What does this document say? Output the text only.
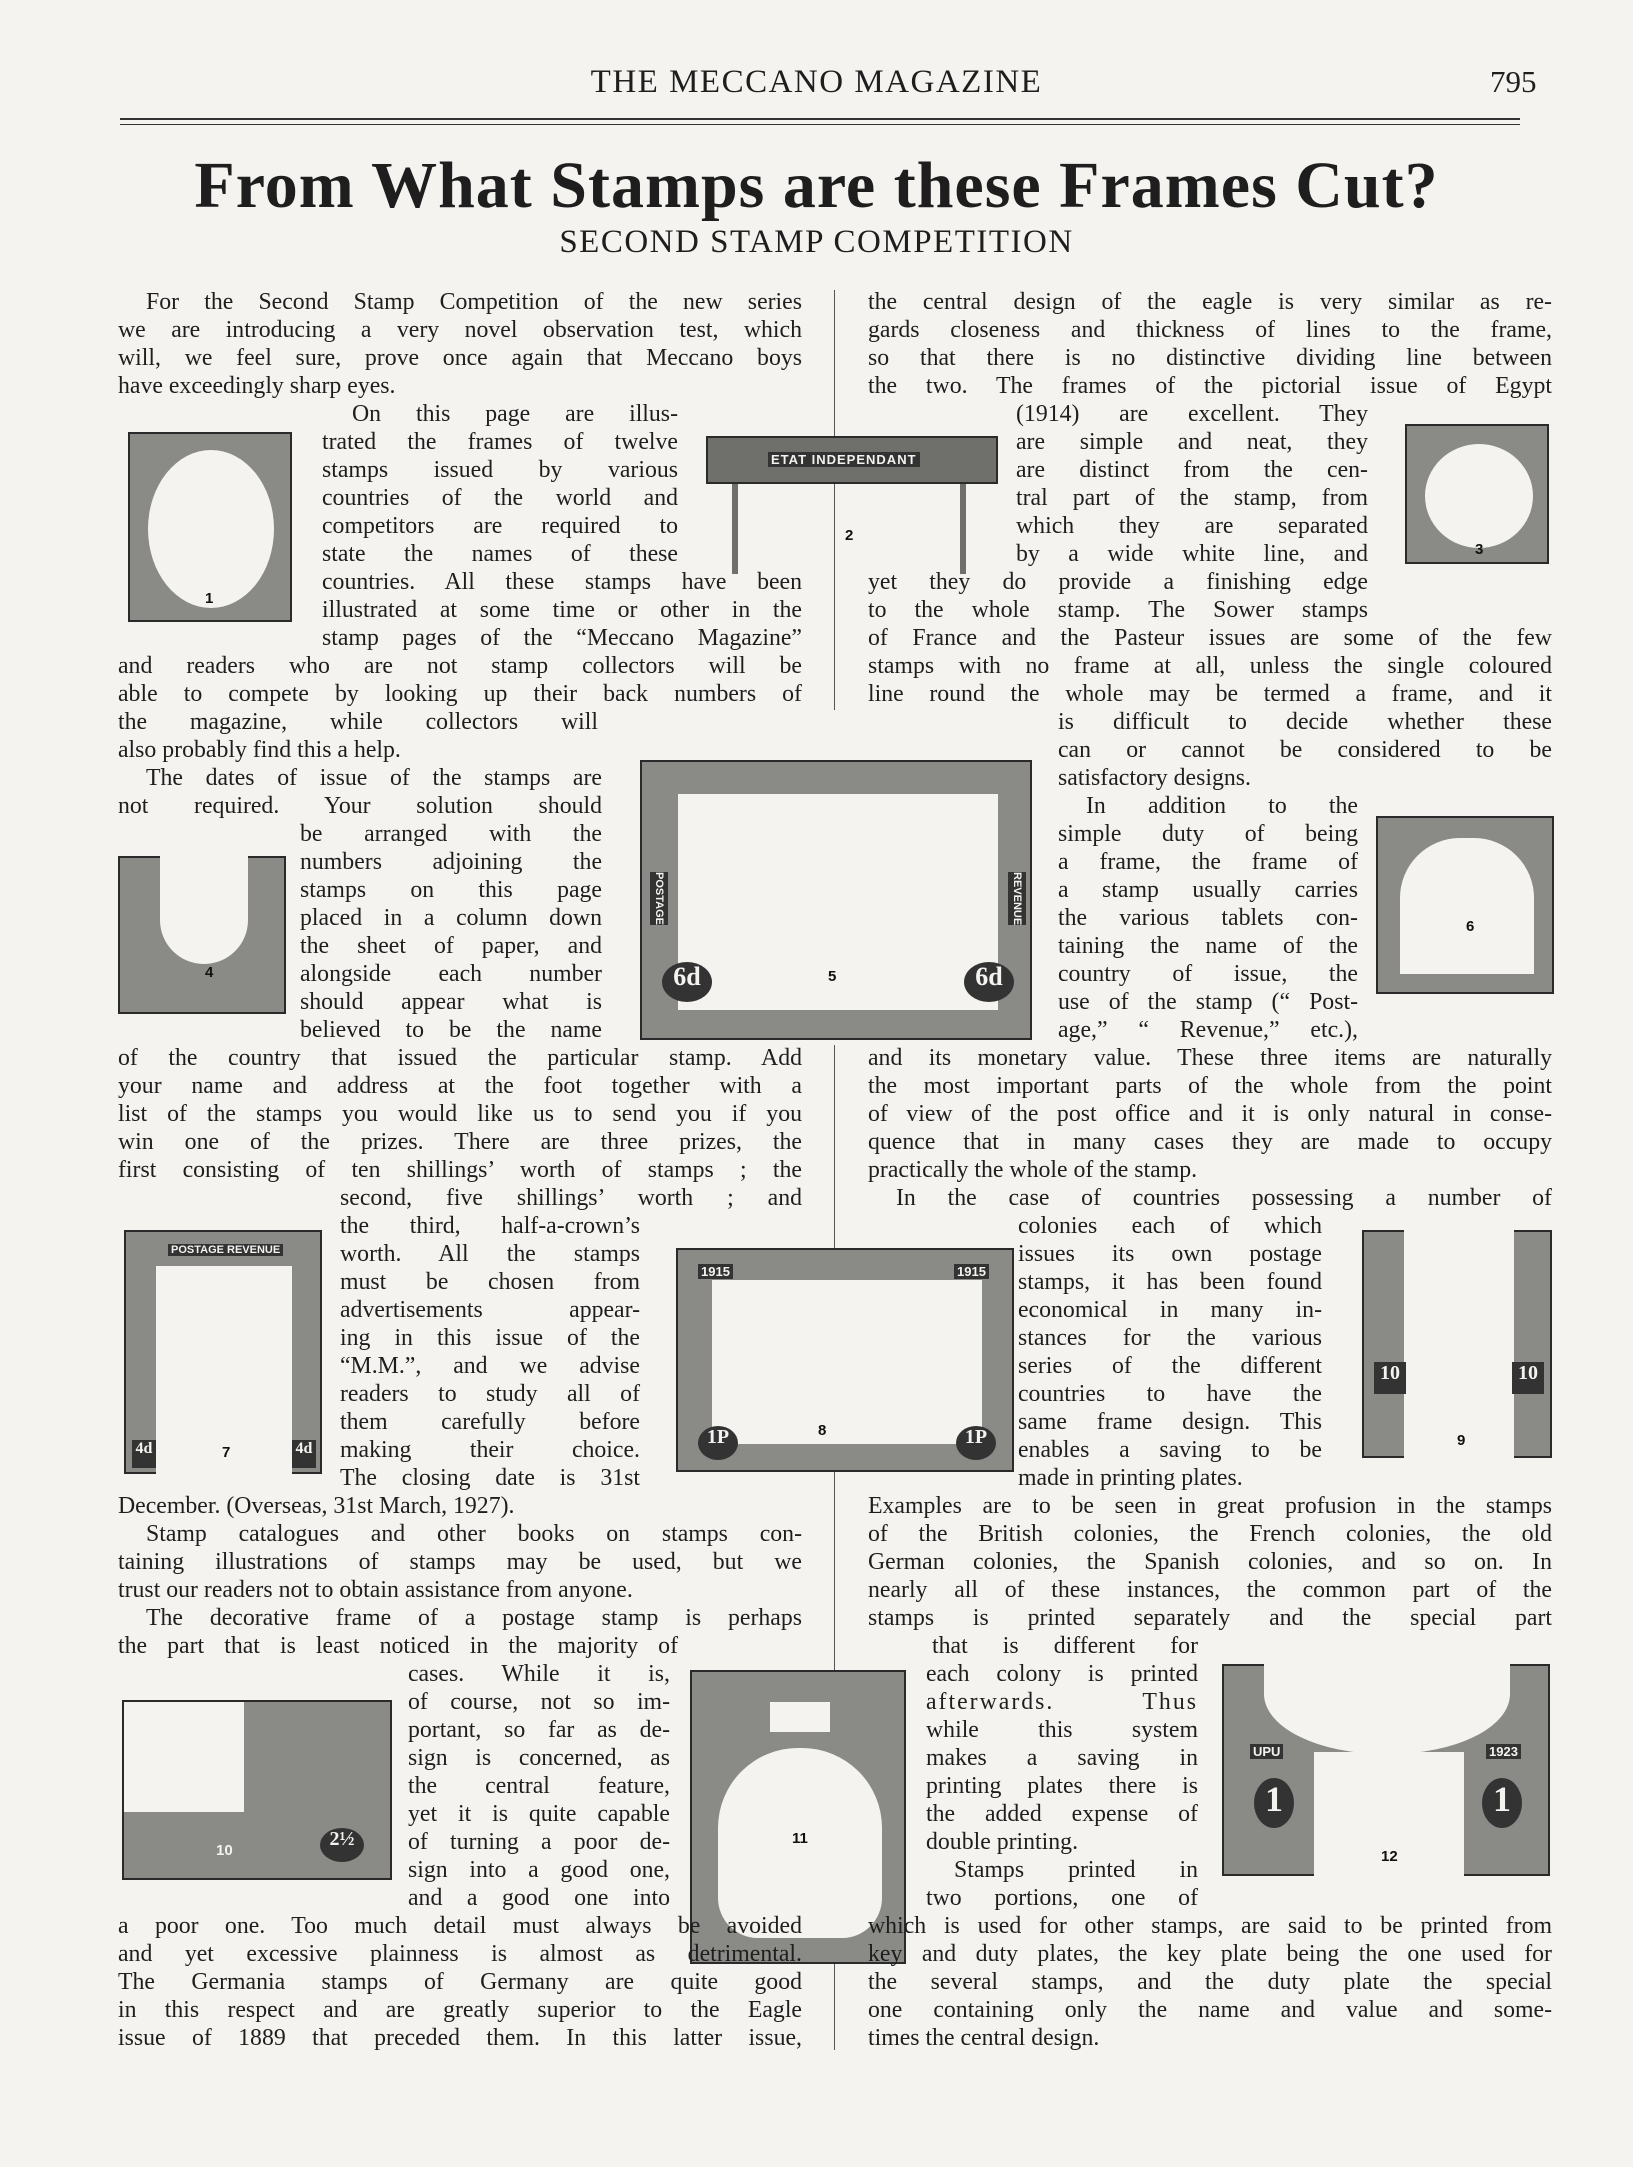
THE MECCANO MAGAZINE	795
From What Stamps are these Frames Cut?
SECOND STAMP COMPETITION
1
ETAT INDEPENDANT
2
3
4
POSTAGE	REVENUE
6d	6d
5
6
POSTAGE REVENUE
4d	4d
7
1915	1915
1P	1P
8
10	10
9
2½
10
11
UPU	1923
1	1
12

For the Second Stamp Competition of the new series

we are introducing a very novel observation test, which

will, we feel sure, prove once again that Meccano boys

have exceedingly sharp eyes.

On this page are illus-

trated the frames of twelve

stamps issued by various

countries of the world and

competitors are required to

state the names of these

countries. All these stamps have been

illustrated at some time or other in the

stamp pages of the “Meccano Magazine”

and readers who are not stamp collectors will be

able to compete by looking up their back numbers of

the magazine, while collectors will

also probably find this a help.

The dates of issue of the stamps are

not required. Your solution should

be arranged with the

numbers adjoining the

stamps on this page

placed in a column down

the sheet of paper, and

alongside each number

should appear what is

believed to be the name

of the country that issued the particular stamp. Add

your name and address at the foot together with a

list of the stamps you would like us to send you if you

win one of the prizes. There are three prizes, the

first consisting of ten shillings’ worth of stamps ; the

second, five shillings’ worth ; and

the third, half-a-crown’s

worth. All the stamps

must be chosen from

advertisements appear-

ing in this issue of the

“M.M.”, and we advise

readers to study all of

them carefully before

making their choice.

The closing date is 31st

December. (Overseas, 31st March, 1927).

Stamp catalogues and other books on stamps con-

taining illustrations of stamps may be used, but we

trust our readers not to obtain assistance from anyone.

The decorative frame of a postage stamp is perhaps

the part that is least noticed in the majority of

cases. While it is,

of course, not so im-

portant, so far as de-

sign is concerned, as

the central feature,

yet it is quite capable

of turning a poor de-

sign into a good one,

and a good one into

a poor one. Too much detail must always be avoided

and yet excessive plainness is almost as detrimental.

The Germania stamps of Germany are quite good

in this respect and are greatly superior to the Eagle

issue of 1889 that preceded them. In this latter issue,

the central design of the eagle is very similar as re-

gards closeness and thickness of lines to the frame,

so that there is no distinctive dividing line between

the two. The frames of the pictorial issue of Egypt

(1914) are excellent. They

are simple and neat, they

are distinct from the cen-

tral part of the stamp, from

which they are separated

by a wide white line, and

yet they do provide a finishing edge

to the whole stamp. The Sower stamps

of France and the Pasteur issues are some of the few

stamps with no frame at all, unless the single coloured

line round the whole may be termed a frame, and it

is difficult to decide whether these

can or cannot be considered to be

satisfactory designs.

In addition to the

simple duty of being

a frame, the frame of

a stamp usually carries

the various tablets con-

taining the name of the

country of issue, the

use of the stamp (“ Post-

age,” “ Revenue,” etc.),

and its monetary value. These three items are naturally

the most important parts of the whole from the point

of view of the post office and it is only natural in conse-

quence that in many cases they are made to occupy

practically the whole of the stamp.

In the case of countries possessing a number of

colonies each of which

issues its own postage

stamps, it has been found

economical in many in-

stances for the various

series of the different

countries to have the

same frame design. This

enables a saving to be

made in printing plates.

Examples are to be seen in great profusion in the stamps

of the British colonies, the French colonies, the old

German colonies, the Spanish colonies, and so on. In

nearly all of these instances, the common part of the

stamps is printed separately and the special part

that is different for

each colony is printed

afterwards. Thus

while this system

makes a saving in

printing plates there is

the added expense of

double printing.

Stamps printed in

two portions, one of

which is used for other stamps, are said to be printed from

key and duty plates, the key plate being the one used for

the several stamps, and the duty plate the special

one containing only the name and value and some-

times the central design.
